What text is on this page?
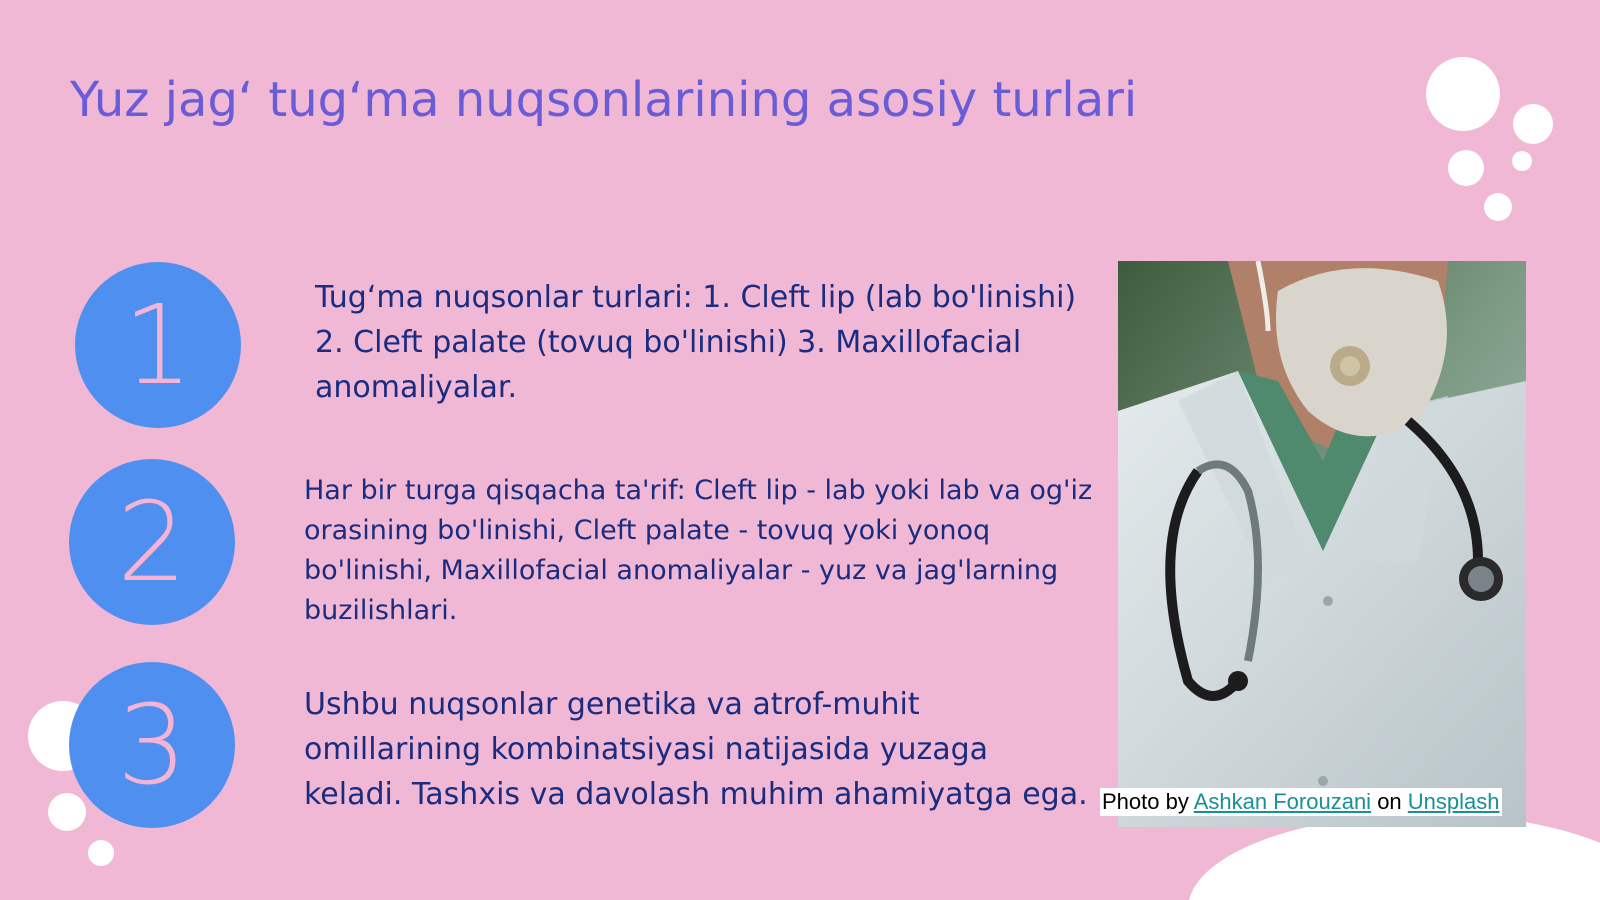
Yuz jag‘ tug‘ma nuqsonlarining asosiy turlari
1	Tug‘ma nuqsonlar turlari: 1. Cleft lip (lab bo'linishi) 2. Cleft palate (tovuq bo'linishi) 3. Maxillofacial anomaliyalar.
2	Har bir turga qisqacha ta'rif: Cleft lip - lab yoki lab va og'iz orasining bo'linishi, Cleft palate - tovuq yoki yonoq bo'linishi, Maxillofacial anomaliyalar - yuz va jag'larning buzilishlari.
3	Ushbu nuqsonlar genetika va atrof-muhit omillarining kombinatsiyasi natijasida yuzaga keladi. Tashxis va davolash muhim ahamiyatga ega. Photo by Ashkan Forouzani on Unsplash
